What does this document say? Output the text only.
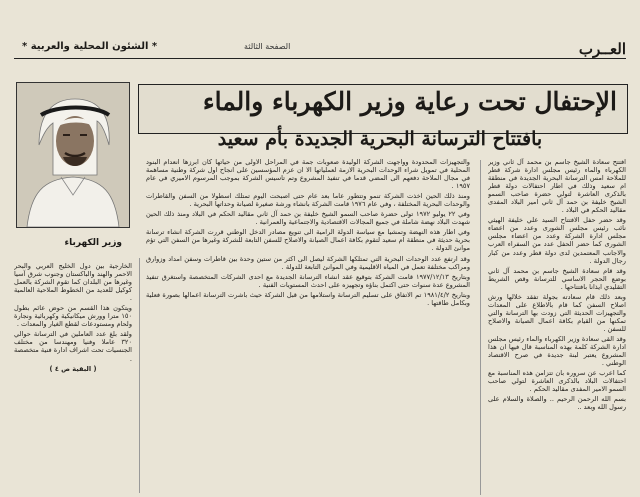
العــرب
الصفحة الثالثة
* الشئون المحلية والعربية *
الإحتفال تحت رعاية وزير الكهرباء والماء
بافتتاح الترسانة البحرية الجديدة بأم سعيد
وزير الكهرباء

افتتح سعادة الشيخ جاسم بن محمد آل ثاني وزير الكهرباء والماء رئيس مجلس ادارة شركة قطر للملاحة امس الترسانة البحرية الجديدة في منطقة ام سعيد وذلك في اطار احتفالات دولة قطر بالذكرى العاشرة لتولي حضرة صاحب السمو الشيخ خليفة بن حمد آل ثاني امير البلاد المفدى مقاليد الحكم في البلاد .

وقد حضر حفل الافتتاح السيد علي خليفة الهيثي نائب رئيس مجلس الشورى وعدد من اعضاء مجلس ادارة الشركة وعدد من اعضاء مجلس الشورى كما حضر الحفل عدد من السفراء العرب والاجانب المعتمدين لدى دولة قطر وعدد من كبار رجال الدولة .

وقد قام سعادة الشيخ جاسم بن محمد آل ثاني بوضع الحجر الاساسي للترسانة وقص الشريط التقليدي ايذانا بافتتاحها .

وبعد ذلك قام سعادته بجولة تفقد خلالها ورش اصلاح السفن كما قام بالاطلاع على المعدات والتجهيزات الحديثة التي زودت بها الترسانة والتي تمكنها من القيام بكافة اعمال الصيانة والاصلاح للسفن .

وقد القى سعادة وزير الكهرباء والماء رئيس مجلس ادارة الشركة كلمة بهذه المناسبة قال فيها ان هذا المشروع يعتبر لبنة جديدة في صرح الاقتصاد الوطني .

كما اعرب عن سروره بان تتزامن هذه المناسبة مع احتفالات البلاد بالذكرى العاشرة لتولي صاحب السمو الامير المفدى مقاليد الحكم .

بسم الله الرحمن الرحيم .. والصلاة والسلام على رسول الله وبعد ..

والتجهيزات المحدودة وواجهت الشركة الوليدة صعوبات جمة في المراحل الاولى من حياتها كان ابرزها انعدام البنود المحلية في تمويل شراء الوحدات البحرية الازمة لعملياتها الا ان عزم المؤسسين على انجاح اول شركة وطنية مساهمة في مجال الملاحة دفعهم الى المضي قدما في تنفيذ المشروع وتم تاسيس الشركة بموجب المرسوم الاميري في عام ١٩٥٧ .

ومنذ ذلك الحين اخذت الشركة تنمو وتتطور عاما بعد عام حتى اصبحت اليوم تمتلك اسطولا من السفن والقاطرات والوحدات البحرية المختلفة ، وفي عام ١٩٧٦ قامت الشركة بانشاء ورشة صغيرة لصيانة وحداتها البحرية .

وفي ٢٢ يوليو ١٩٧٢ تولى حضرة صاحب السمو الشيخ خليفة بن حمد آل ثاني مقاليد الحكم في البلاد ومنذ ذلك الحين شهدت البلاد نهضة شاملة في جميع المجالات الاقتصادية والاجتماعية والعمرانية .

وفي اطار هذه النهضة وتمشيا مع سياسة الدولة الرامية الى تنويع مصادر الدخل الوطني قررت الشركة انشاء ترسانة بحرية حديثة في منطقة ام سعيد لتقوم بكافة اعمال الصيانة والاصلاح للسفن التابعة للشركة وغيرها من السفن التي تؤم موانئ الدولة .

وقد ارتفع عدد الوحدات البحرية التي تمتلكها الشركة ليصل الى اكثر من ستين وحدة بين قاطرات وسفن امداد وزوارق ومراكب مختلفة تعمل في المياه الاقليمية وفي الموانئ التابعة للدولة .

وبتاريخ ١٩٧٧/١٢/١٣ قامت الشركة بتوقيع عقد انشاء الترسانة الجديدة مع احدى الشركات المتخصصة واستغرق تنفيذ المشروع عدة سنوات حتى اكتمل بناؤه وتجهيزه على احدث المستويات الفنية .

وبتاريخ ١٩٨١/٤/٢ تم الاتفاق على تسليم الترسانة واستلامها من قبل الشركة حيث باشرت الترسانة اعمالها بصورة فعلية وبكامل طاقتها .

الخارجية بين دول الخليج العربي والبحر الاحمر والهند والباكستان وجنوب شرق آسيا وغيرها من البلدان كما تقوم الشركة بالعمل كوكيل للعديد من الخطوط الملاحية العالمية .

ويتكون هذا القسم من حوض عائم بطول ١٥٠ مترا وورش ميكانيكية وكهربائية ونجارة ولحام ومستودعات لقطع الغيار والمعدات .

ولقد بلغ عدد العاملين في الترسانة حوالي ٣٢٠ عاملا وفنيا ومهندسا من مختلف الجنسيات تحت اشراف ادارة فنية متخصصة .

( البقية ص ٤ )
